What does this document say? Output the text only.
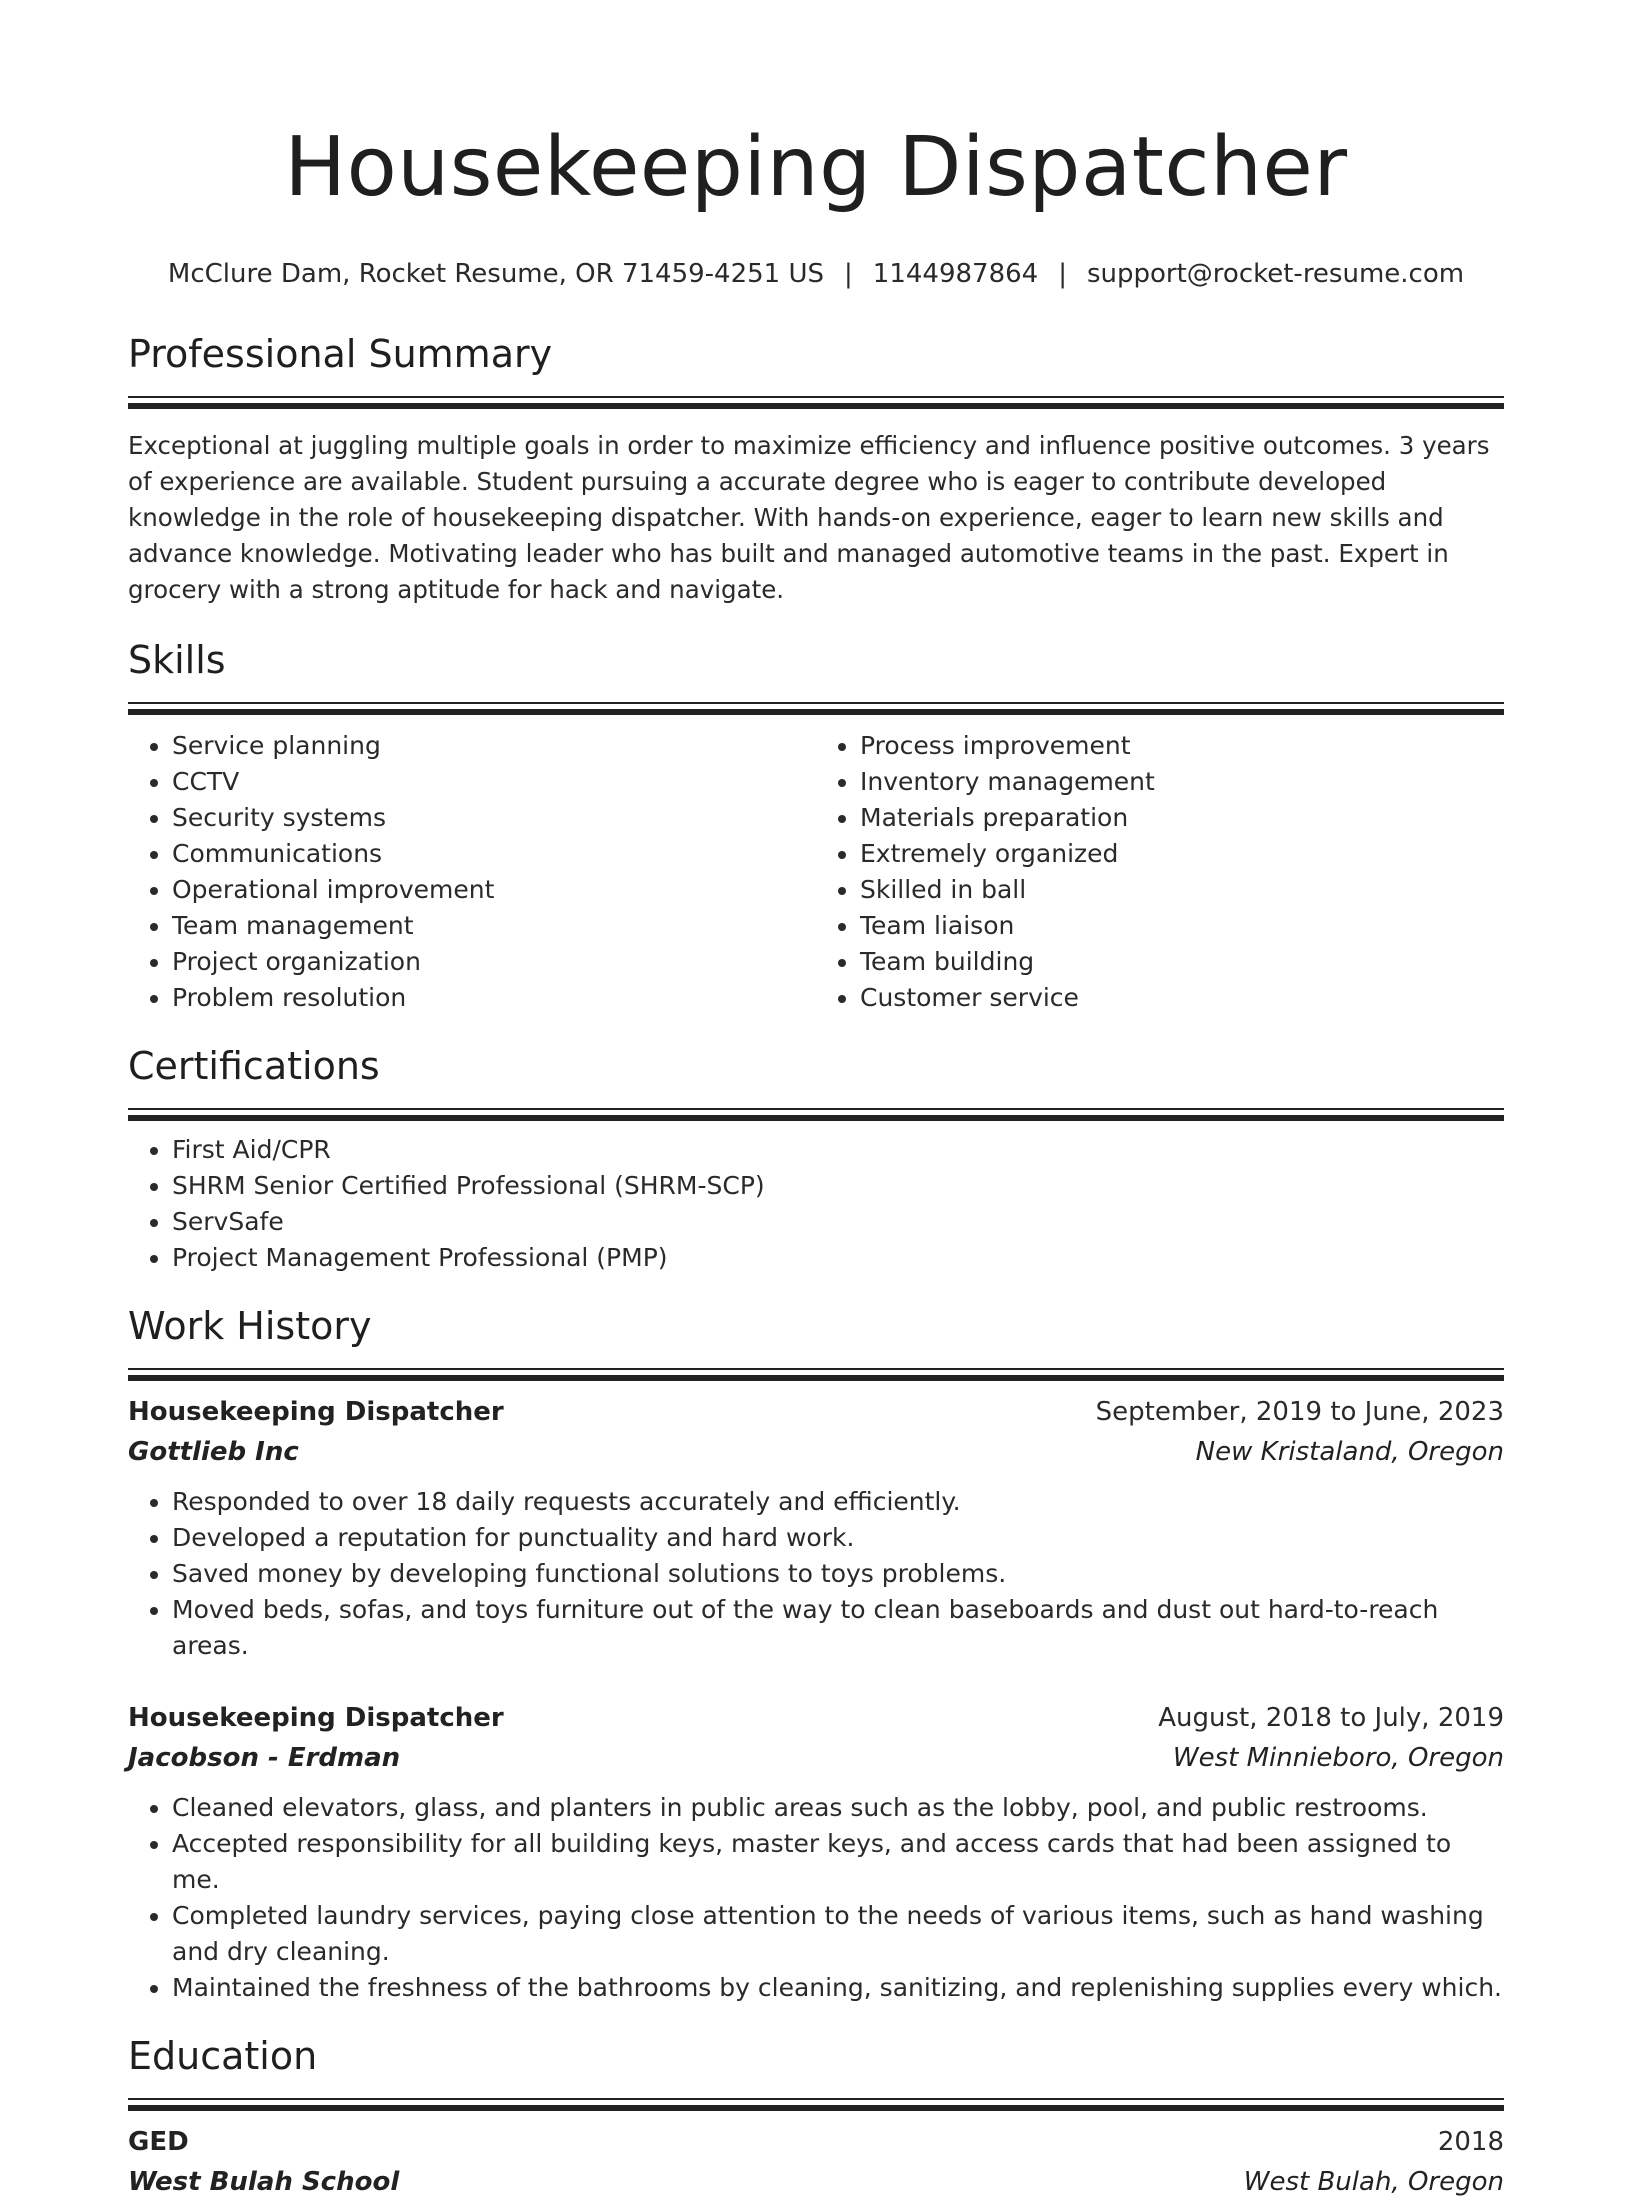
Housekeeping Dispatcher
McClure Dam, Rocket Resume, OR 71459-4251 US | 1144987864 | support@rocket-resume.com
Professional Summary

Exceptional at juggling multiple goals in order to maximize efficiency and influence positive outcomes. 3 years of experience are available. Student pursuing a accurate degree who is eager to contribute developed knowledge in the role of housekeeping dispatcher. With hands-on experience, eager to learn new skills and advance knowledge. Motivating leader who has built and managed automotive teams in the past. Expert in grocery with a strong aptitude for hack and navigate.

Skills
• Service planning
• CCTV
• Security systems
• Communications
• Operational improvement
• Team management
• Project organization
• Problem resolution
• Process improvement
• Inventory management
• Materials preparation
• Extremely organized
• Skilled in ball
• Team liaison
• Team building
• Customer service
Certifications
• First Aid/CPR
• SHRM Senior Certified Professional (SHRM-SCP)
• ServSafe
• Project Management Professional (PMP)
Work History
Housekeeping Dispatcher	September, 2019 to June, 2023
Gottlieb Inc	New Kristaland, Oregon
• Responded to over 18 daily requests accurately and efficiently.
• Developed a reputation for punctuality and hard work.
• Saved money by developing functional solutions to toys problems.
• Moved beds, sofas, and toys furniture out of the way to clean baseboards and dust out hard-to-reach areas.
Housekeeping Dispatcher	August, 2018 to July, 2019
Jacobson - Erdman	West Minnieboro, Oregon
• Cleaned elevators, glass, and planters in public areas such as the lobby, pool, and public restrooms.
• Accepted responsibility for all building keys, master keys, and access cards that had been assigned to me.
• Completed laundry services, paying close attention to the needs of various items, such as hand washing and dry cleaning.
• Maintained the freshness of the bathrooms by cleaning, sanitizing, and replenishing supplies every which.
Education
GED	2018
West Bulah School	West Bulah, Oregon
